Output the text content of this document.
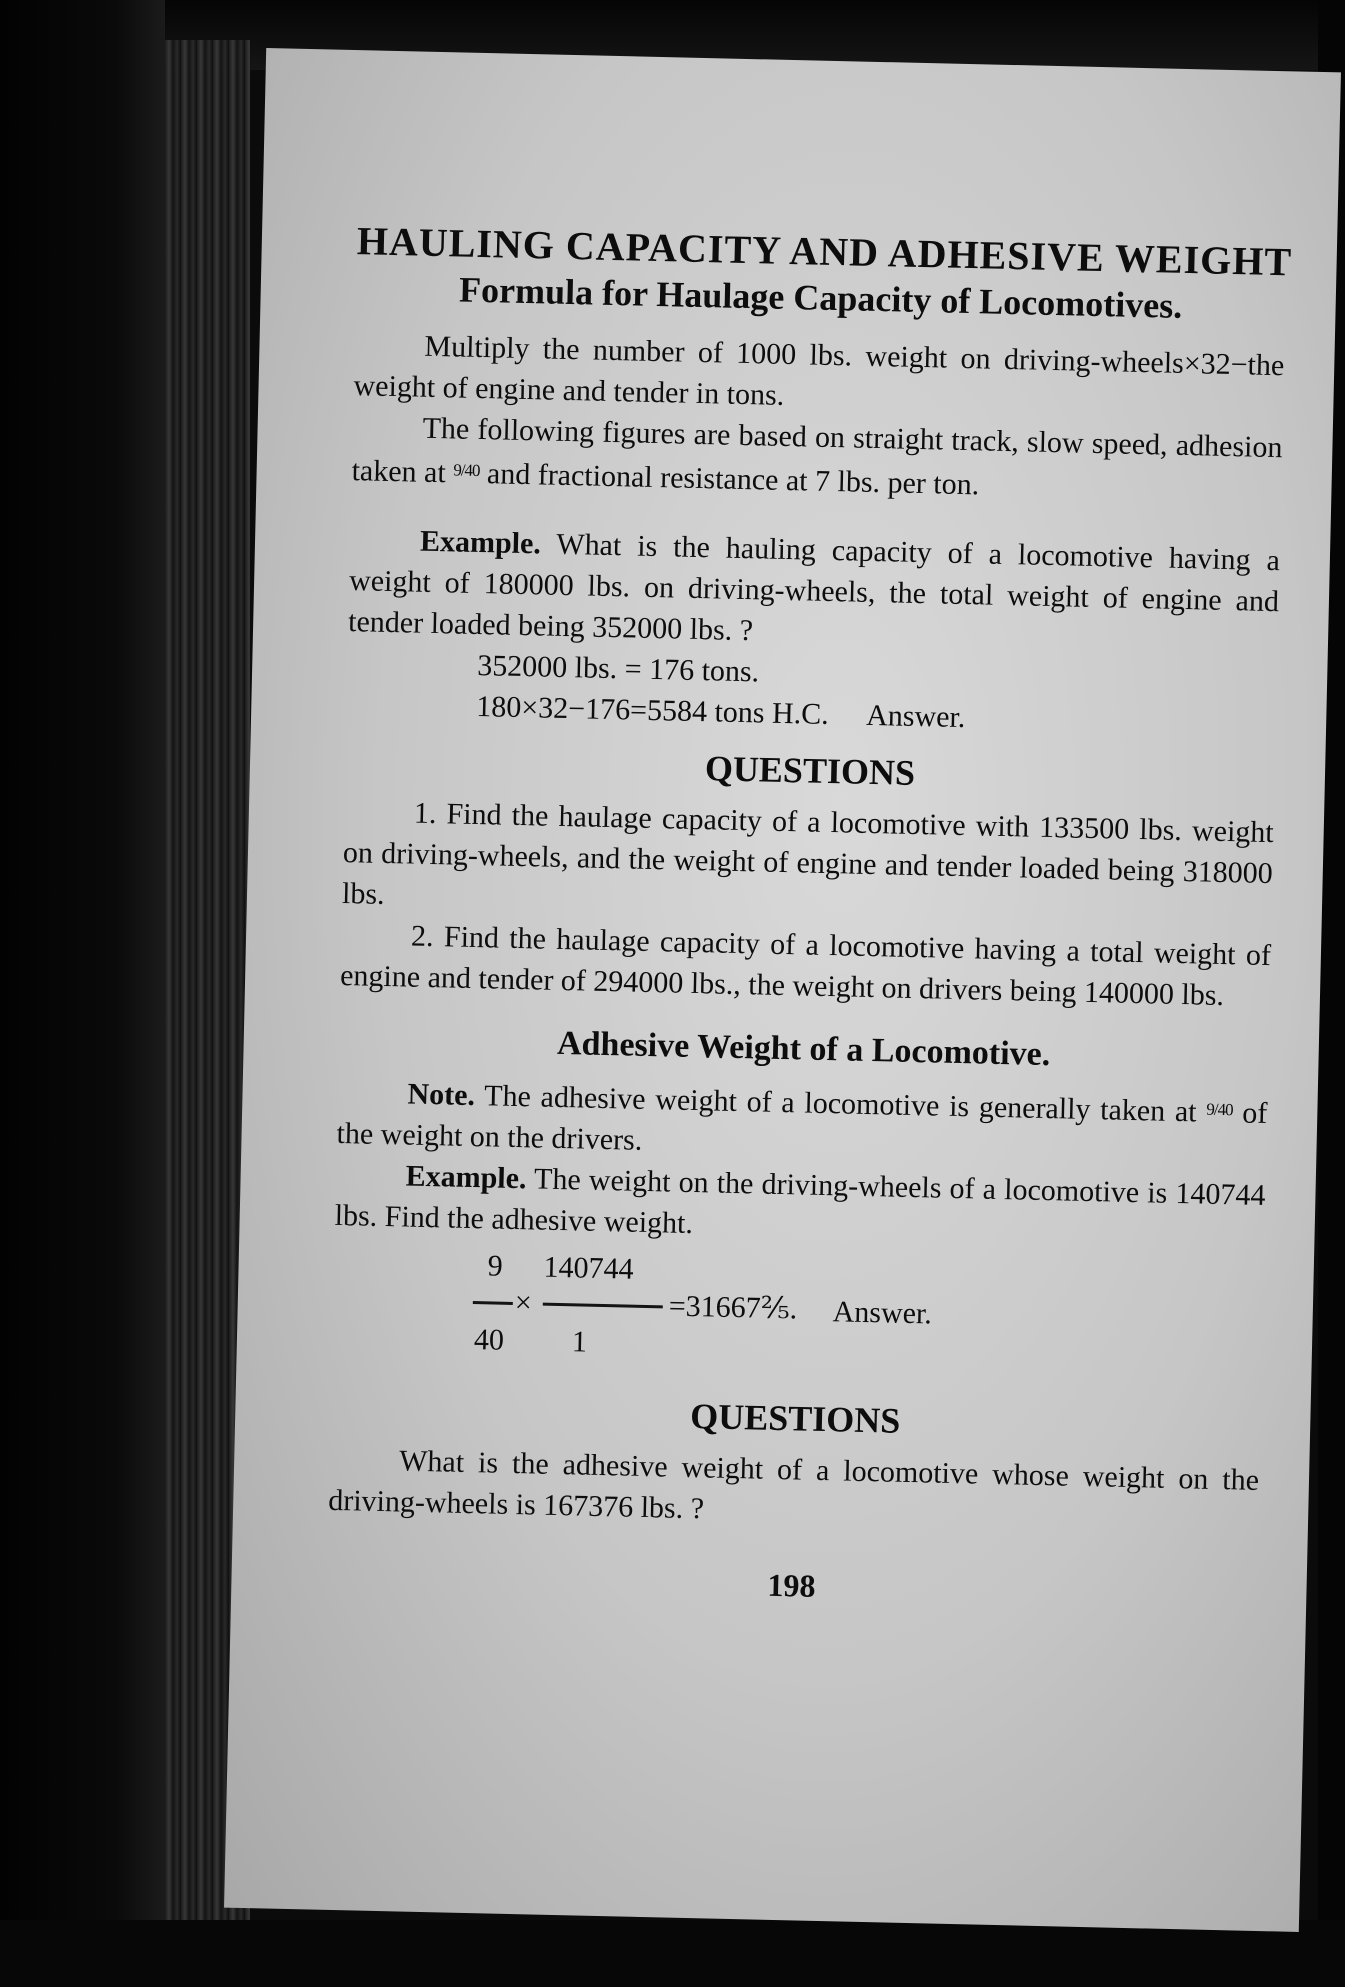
HAULING CAPACITY AND ADHESIVE WEIGHT
Formula for Haulage Capacity of Locomotives.

Multiply the number of 1000 lbs. weight on driving-wheels×32−the weight of engine and tender in tons.

The following figures are based on straight track, slow speed, adhesion taken at $^{9/40}$ and fractional resistance at 7 lbs. per ton.

Example. What is the hauling capacity of a locomotive having a weight of 180000 lbs. on driving-wheels, the total weight of engine and tender loaded being 352000 lbs. ?

352000 lbs. = 176 tons.
180×32−176=5584 tons H.C. Answer.
QUESTIONS

1. Find the haulage capacity of a locomotive with 133500 lbs. weight on driving-wheels, and the weight of engine and tender loaded being 318000 lbs.

2. Find the haulage capacity of a locomotive having a total weight of engine and tender of 294000 lbs., the weight on drivers being 140000 lbs.

Adhesive Weight of a Locomotive.

Note. The adhesive weight of a locomotive is generally taken at $^{9/40}$ of the weight on the drivers.

Example. The weight on the driving-wheels of a locomotive is 140744 lbs. Find the adhesive weight.

9 140744
×	=31667⅖. Answer.
40 1
QUESTIONS

What is the adhesive weight of a locomotive whose weight on the driving-wheels is 167376 lbs. ?

198
